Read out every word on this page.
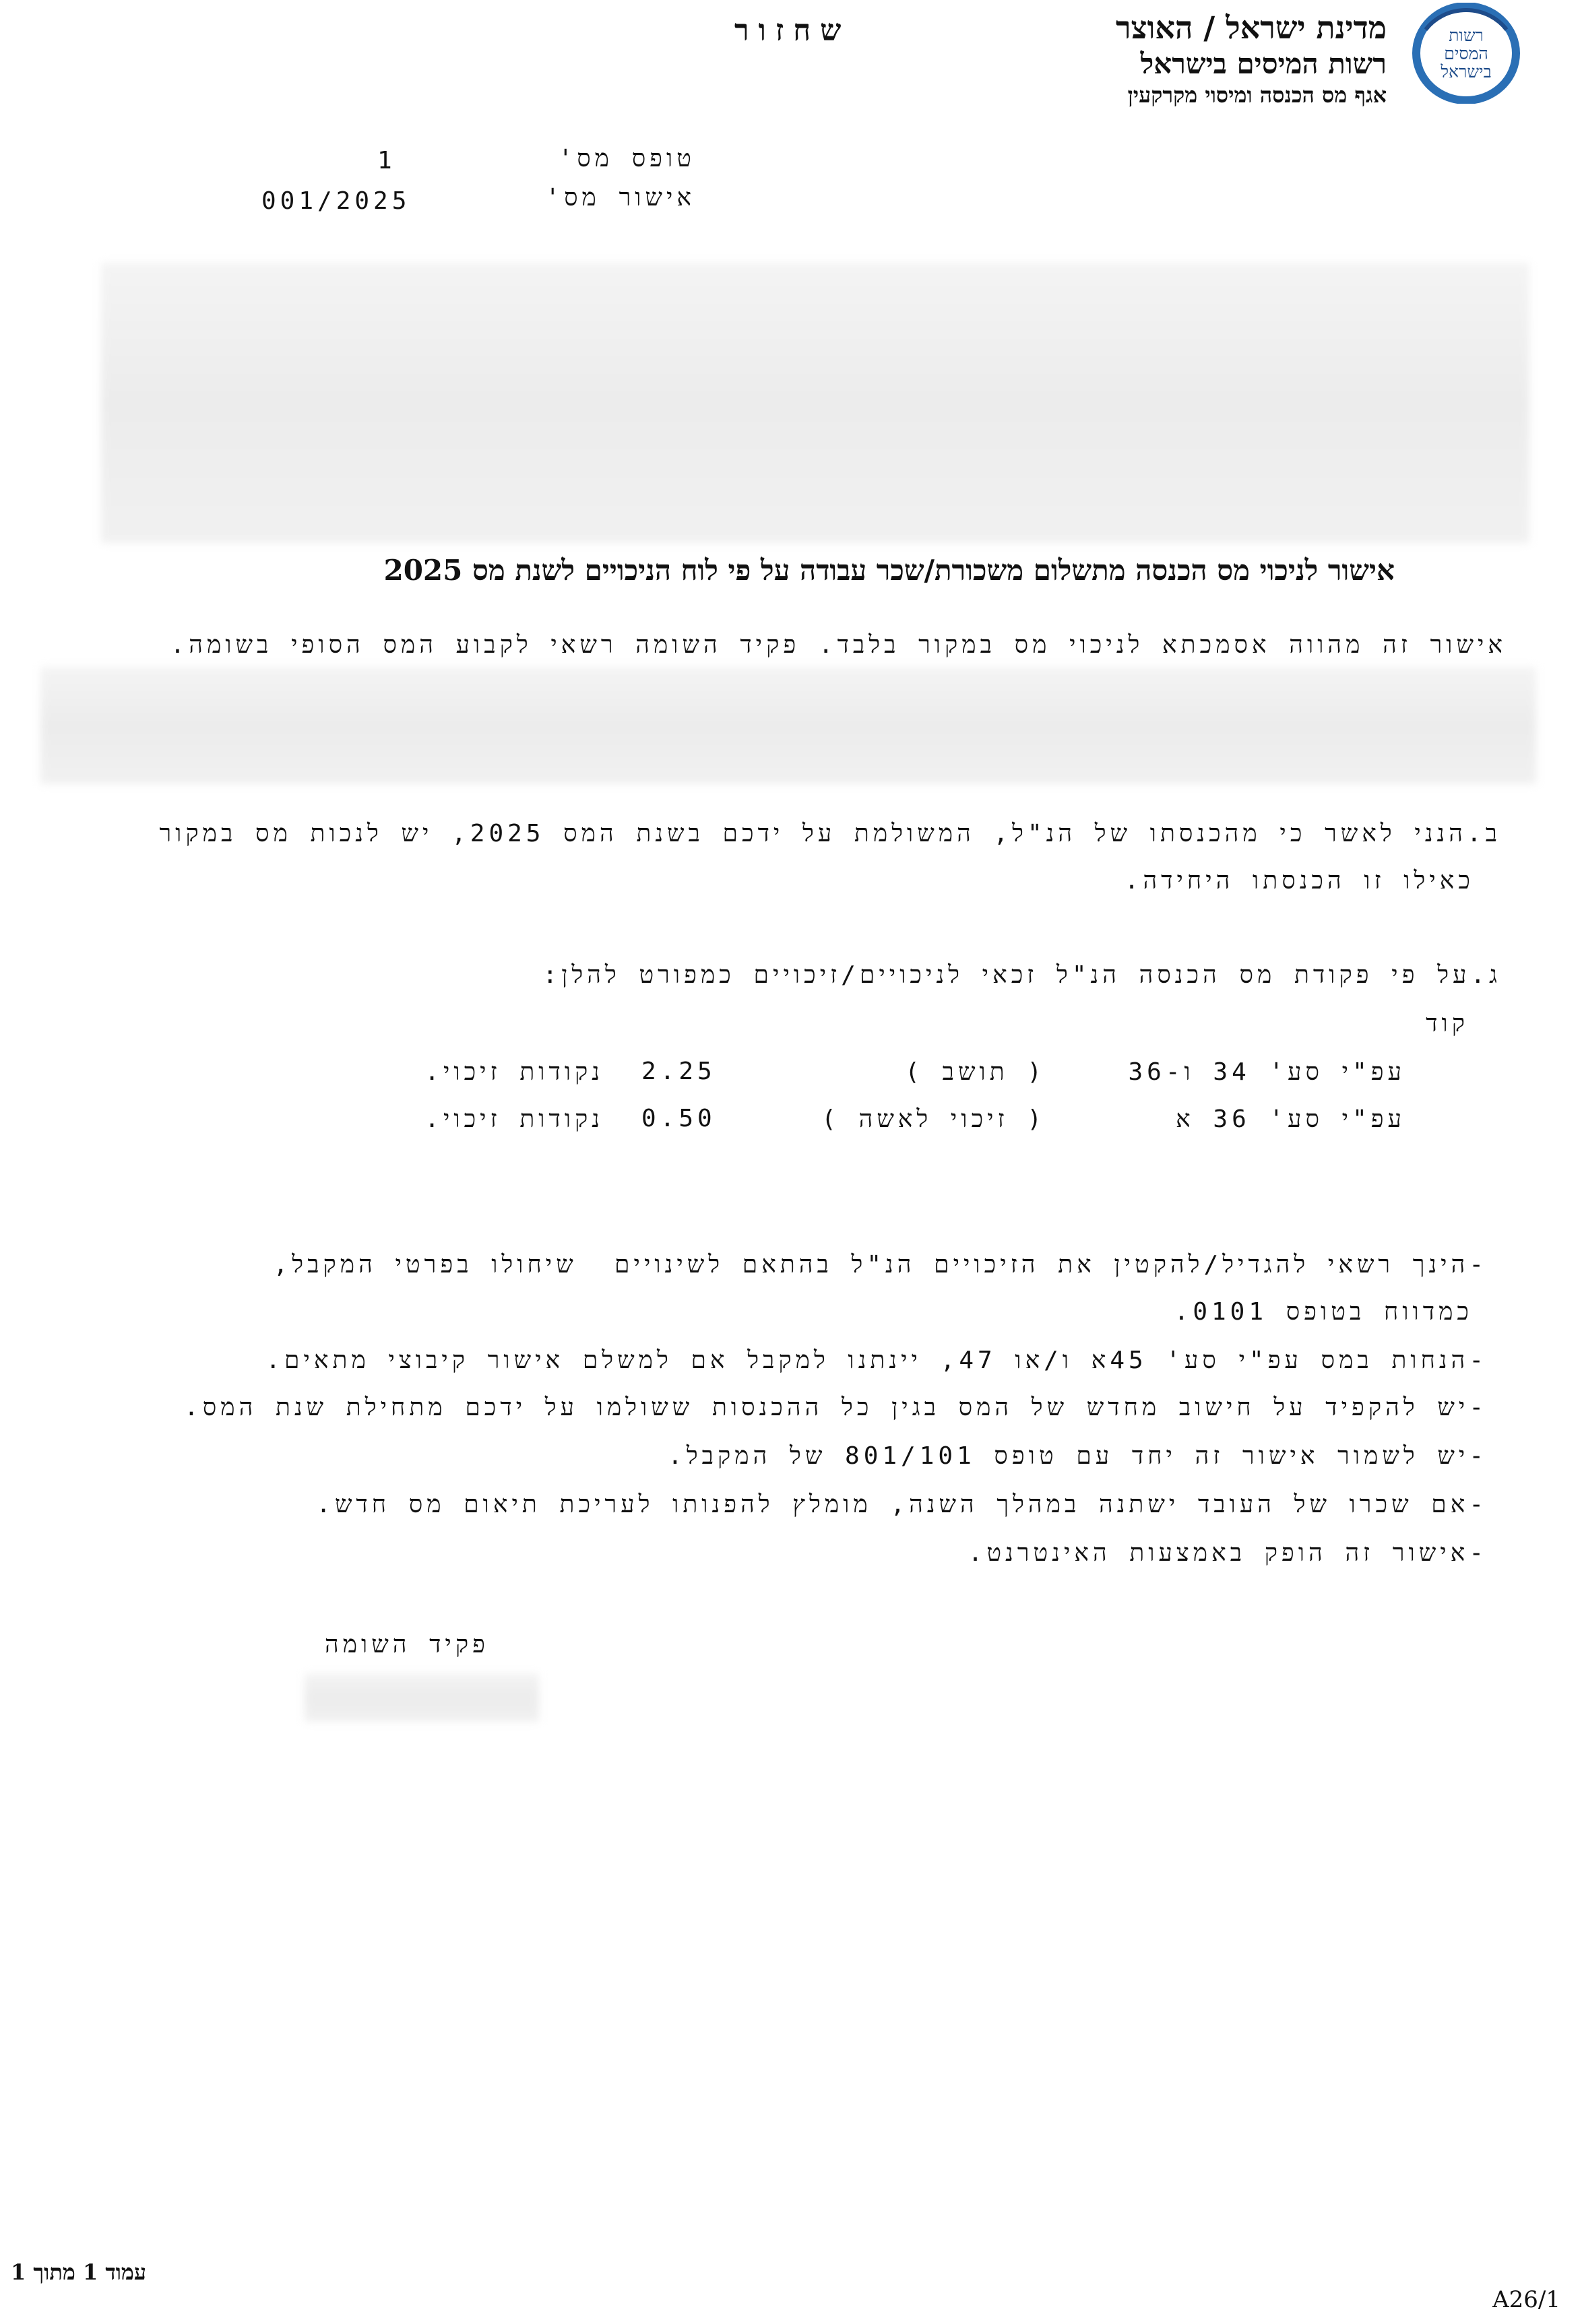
רשות
המסים
בישראל
מדינת ישראל / האוצר
רשות המיסים בישראל
אגף מס הכנסה ומיסוי מקרקעין
שחזור
טופס מס'
1
אישור מס'
001/2025
אישור לניכוי מס הכנסה מתשלום משכורת/שכר עבודה על פי לוח הניכויים לשנת מס 2025
אישור זה מהווה אסמכתא לניכוי מס במקור בלבד. פקיד השומה רשאי לקבוע המס הסופי בשומה.
ב.הנני לאשר כי מהכנסתו של הנ"ל, המשולמת על ידכם בשנת המס 2025, יש לנכות מס במקור
כאילו זו הכנסתו היחידה.
ג.על פי פקודת מס הכנסה הנ"ל זכאי לניכויים/זיכויים כמפורט להלן:
קוד
עפ"י סע' 34 ו-36
( תושב )
2.25
נקודות זיכוי.
עפ"י סע' 36 א
( זיכוי לאשה )
0.50
נקודות זיכוי.
-הינך רשאי להגדיל/להקטין את הזיכויים הנ"ל בהתאם לשינויים  שיחולו בפרטי המקבל,
כמדווח בטופס 0101.
-הנחות במס עפ"י סע' 45א ו/או 47, יינתנו למקבל אם למשלם אישור קיבוצי מתאים.
-יש להקפיד על חישוב מחדש של המס בגין כל ההכנסות ששולמו על ידכם מתחילת שנת המס.
-יש לשמור אישור זה יחד עם טופס 801/101 של המקבל.
-אם שכרו של העובד ישתנה במהלך השנה, מומלץ להפנותו לעריכת תיאום מס חדש.
-אישור זה הופק באמצעות האינטרנט.
פקיד השומה
עמוד 1 מתוך 1
A26/1
